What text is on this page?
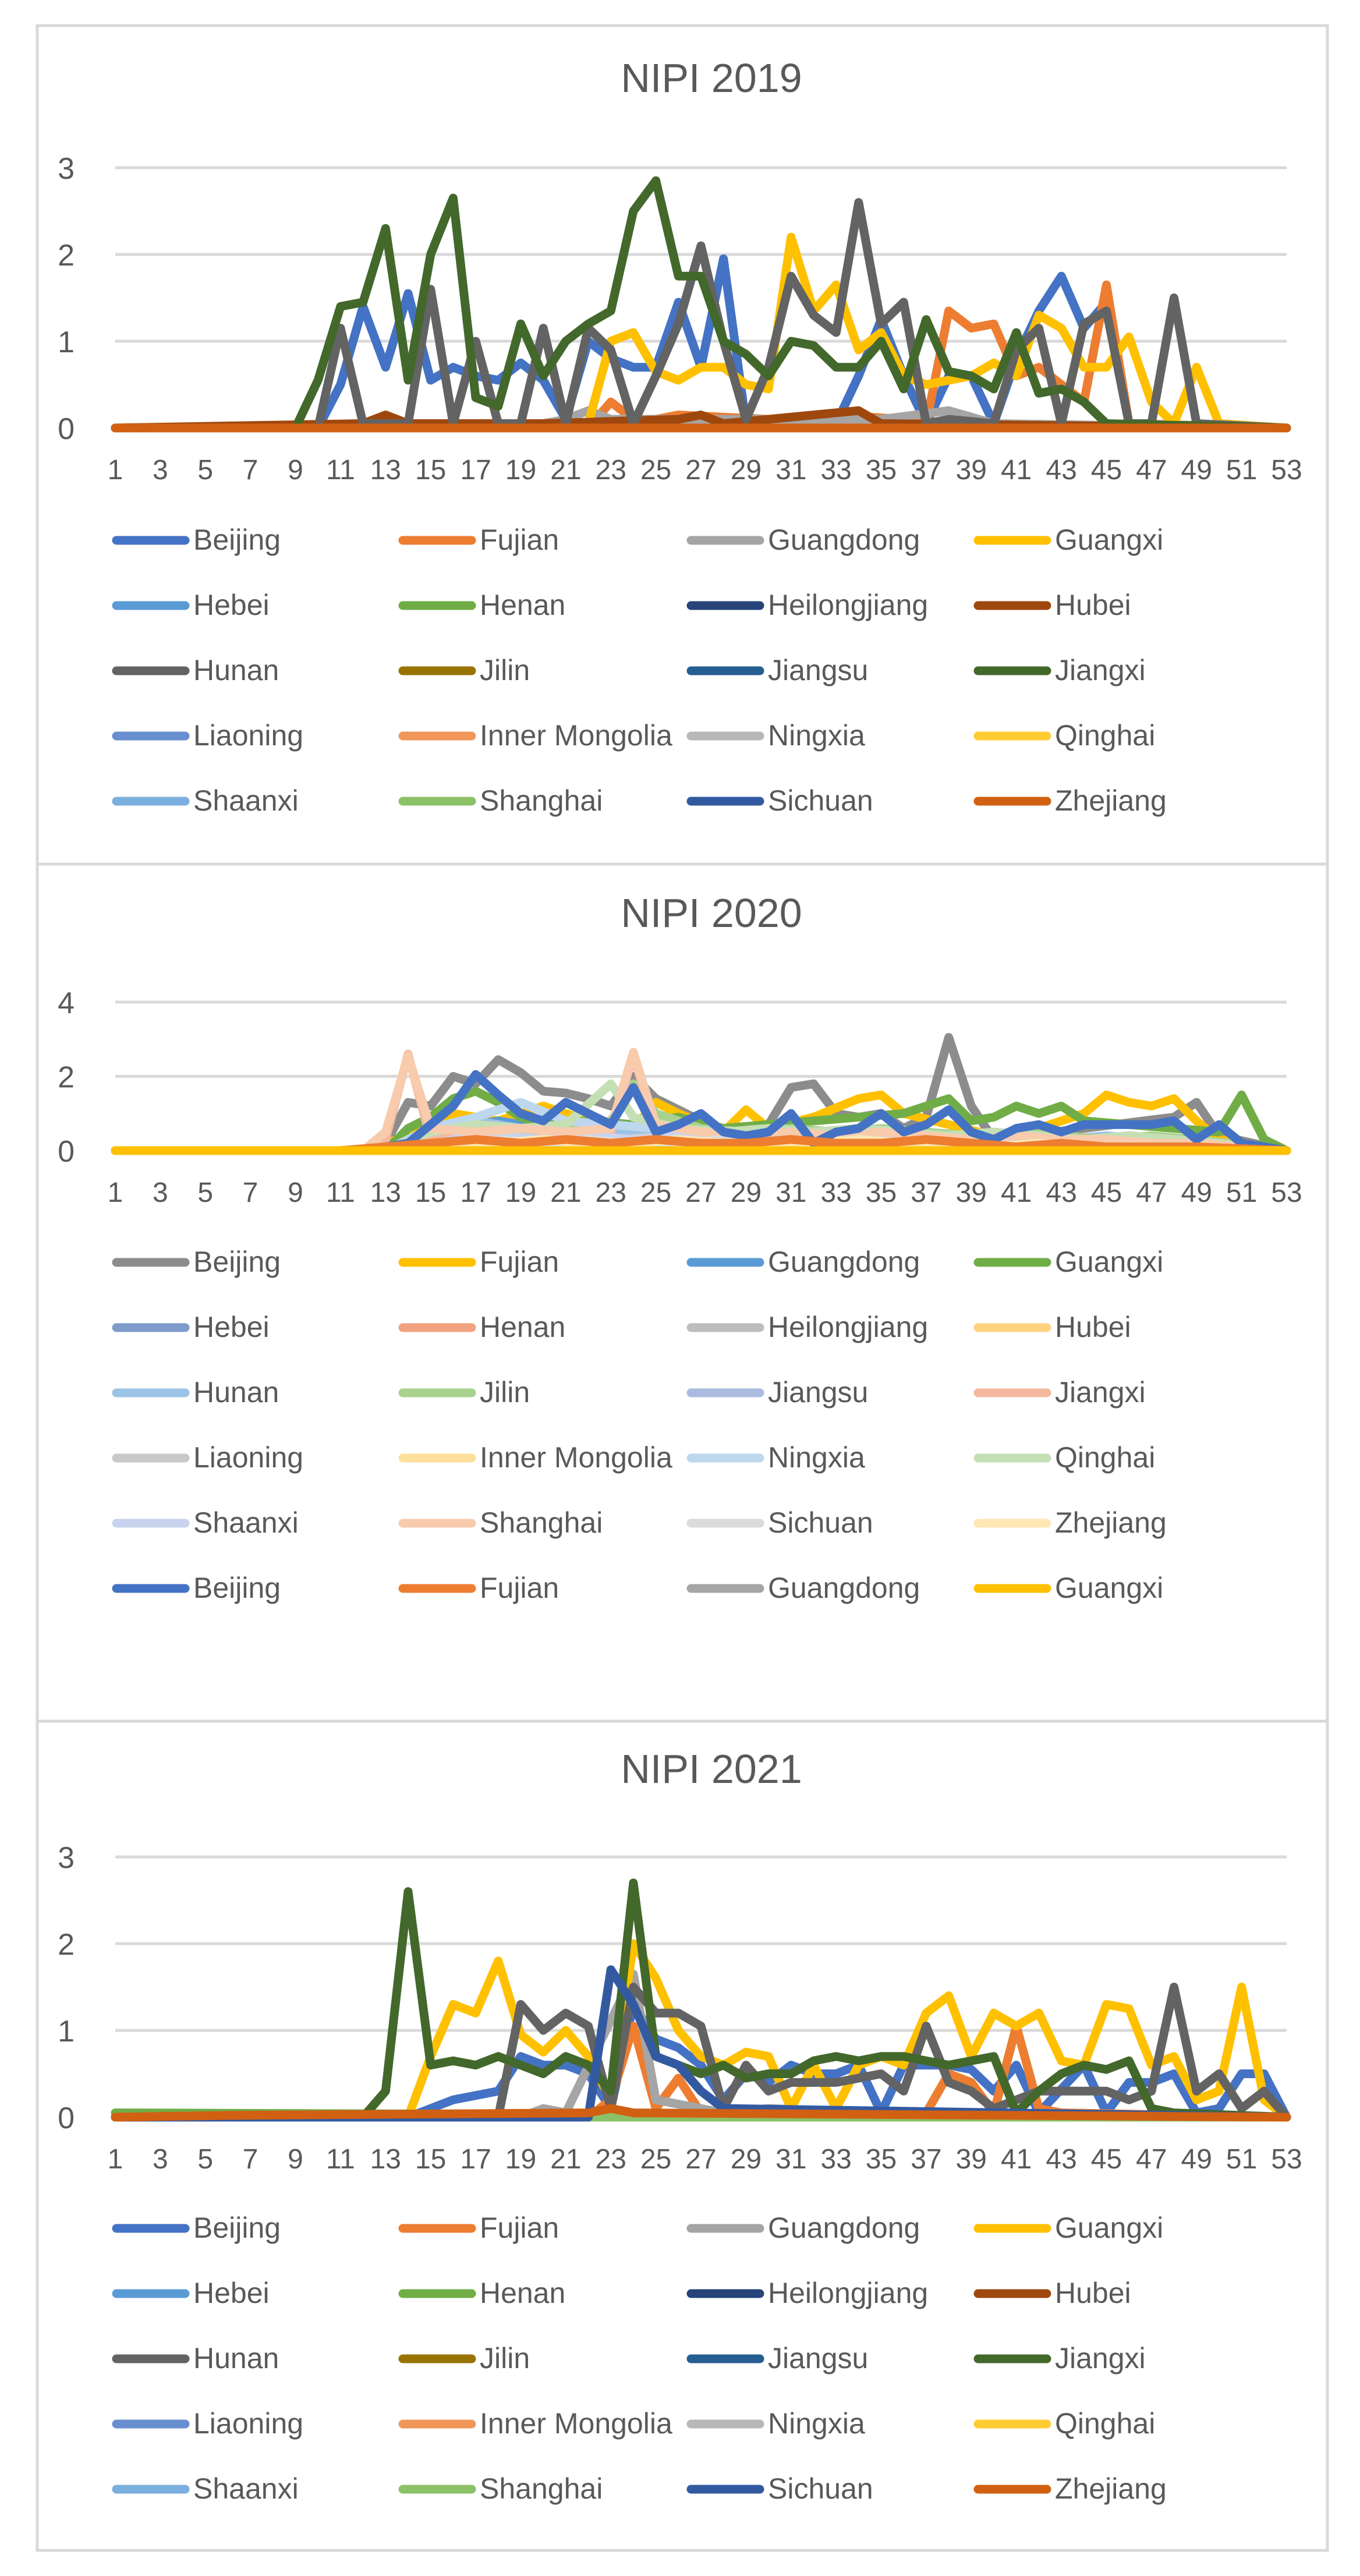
NIPI 2019
0
1
2
3
1 3 5 7 9 11 13 15 17 19 21 23 25 27 29 31 33 35 37 39 41 43 45 47 49 51 53
Beijing	Fujian	Guangdong	Guangxi
Hebei	Henan	Heilongjiang	Hubei
Hunan	Jilin	Jiangsu	Jiangxi
Liaoning	Inner Mongolia	Ningxia	Qinghai
Shaanxi	Shanghai	Sichuan	Zhejiang
NIPI 2020
0
2
4
1 3 5 7 9 11 13 15 17 19 21 23 25 27 29 31 33 35 37 39 41 43 45 47 49 51 53
Beijing	Fujian	Guangdong	Guangxi
Hebei	Henan	Heilongjiang	Hubei
Hunan	Jilin	Jiangsu	Jiangxi
Liaoning	Inner Mongolia	Ningxia	Qinghai
Shaanxi	Shanghai	Sichuan	Zhejiang
Beijing	Fujian	Guangdong	Guangxi
NIPI 2021
0
1
2
3
1 3 5 7 9 11 13 15 17 19 21 23 25 27 29 31 33 35 37 39 41 43 45 47 49 51 53
Beijing	Fujian	Guangdong	Guangxi
Hebei	Henan	Heilongjiang	Hubei
Hunan	Jilin	Jiangsu	Jiangxi
Liaoning	Inner Mongolia	Ningxia	Qinghai
Shaanxi	Shanghai	Sichuan	Zhejiang
